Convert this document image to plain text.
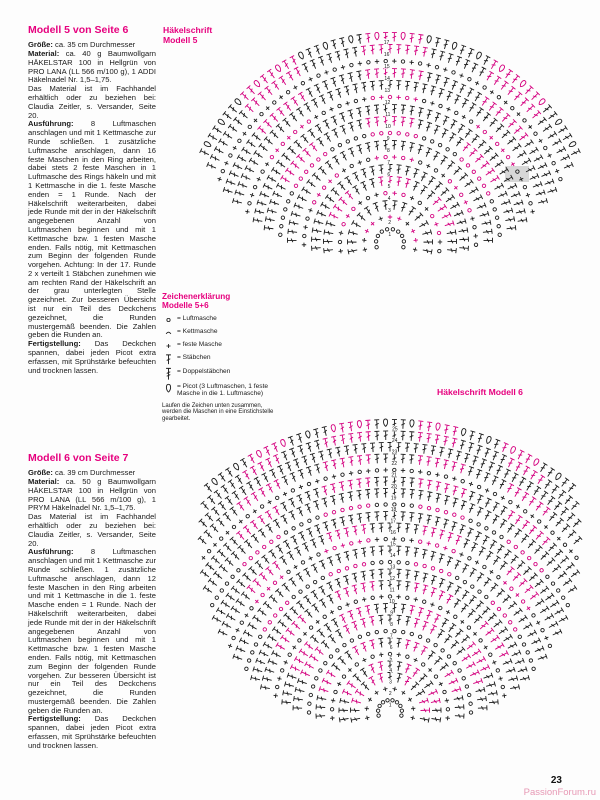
1
2
3
4
5
6
7
8
9
10
11
12
13
14
15
16
17
1
2
3
4
5
6
7
8
9
10
11
12
13
14
15
16
17
18
19
20
21
22
23
24
25
Modell 5 von Seite 6

Größe: ca. 35 cm Durchmesser

Material: ca. 40 g Baumwollgarn HÄKELSTAR 100 in Hellgrün von PRO LANA (LL 566 m/100 g), 1 ADDI Häkelnadel Nr. 1,5–1,75.

Das Material ist im Fachhandel erhältlich oder zu beziehen bei: Claudia Zeitler, s. Versander, Seite 20.

Ausführung: 8 Luftmaschen anschlagen und mit 1 Kettmasche zur Runde schließen. 1 zusätzliche Luftmasche anschlagen, dann 16 feste Maschen in den Ring arbeiten, dabei stets 2 feste Maschen in 1 Luftmasche des Rings häkeln und mit 1 Kettmasche in die 1. feste Masche enden = 1 Runde. Nach der Häkelschrift weiterarbeiten, dabei jede Runde mit der in der Häkelschrift angegebenen Anzahl von Luftmaschen beginnen und mit 1 Kettmasche bzw. 1 festen Masche enden. Falls nötig, mit Kettmaschen zum Beginn der folgenden Runde vorgehen. Achtung: In der 17. Runde 2 x verteilt 1 Stäbchen zunehmen wie am rechten Rand der Häkelschrift an der grau unterlegten Stelle gezeichnet. Zur besseren Übersicht ist nur ein Teil des Deckchens gezeichnet, die Runden mustergemäß beenden. Die Zahlen geben die Runden an.

Fertigstellung: Das Deckchen spannen, dabei jeden Picot extra erfassen, mit Sprühstärke befeuchten und trocknen lassen.

Modell 6 von Seite 7

Größe: ca. 39 cm Durchmesser

Material: ca. 50 g Baumwollgarn HÄKELSTAR 100 in Hellgrün von PRO LANA (LL 566 m/100 g), 1 PRYM Häkelnadel Nr. 1,5–1,75.

Das Material ist im Fachhandel erhältlich oder zu beziehen bei: Claudia Zeitler, s. Versander, Seite 20.

Ausführung: 8 Luftmaschen anschlagen und mit 1 Kettmasche zur Runde schließen. 1 zusätzliche Luftmasche anschlagen, dann 12 feste Maschen in den Ring arbeiten und mit 1 Kettmasche in die 1. feste Masche enden = 1 Runde. Nach der Häkelschrift weiterarbeiten, dabei jede Runde mit der in der Häkelschrift angegebenen Anzahl von Luftmaschen beginnen und mit 1 Kettmasche bzw. 1 festen Masche enden. Falls nötig, mit Kettmaschen zum Beginn der folgenden Runde vorgehen. Zur besseren Übersicht ist nur ein Teil des Deckchens gezeichnet, die Runden mustergemäß beenden. Die Zahlen geben die Runden an.

Fertigstellung: Das Deckchen spannen, dabei jeden Picot extra erfassen, mit Sprühstärke befeuchten und trocknen lassen.

Häkelschrift
Modell 5
Häkelschrift Modell 6
Zeichenerklärung
Modelle 5+6
= Luftmasche
= Kettmasche
= feste Masche
= Stäbchen
= Doppelstäbchen
= Picot (3 Luftmaschen, 1 feste Masche in die 1. Luftmasche)
Laufen die Zeichen unten zusammen, werden die Maschen in eine Einstichstelle gearbeitet.
23
PassionForum.ru
